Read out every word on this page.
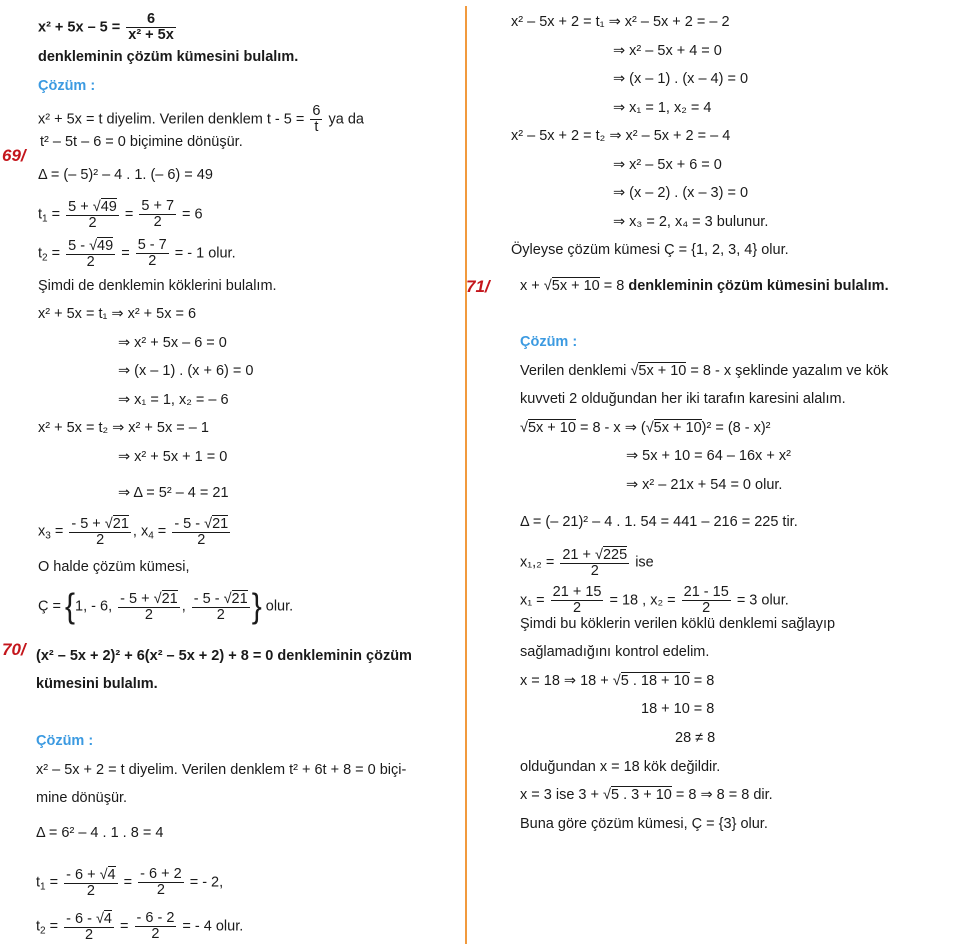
69/
$x^2 + 5x - 5 = \frac{6}{\text{x² + 5x}}$
denkleminin çözüm kümesini bulalım.
Çözüm :
x² + 5x = t diyelim. Verilen denklem $t - 5 = \frac{6}{t}$ ya da
t² – 5t – 6 = 0 biçimine dönüşür.
Δ = (– 5)² – 4 . 1. (– 6) = 49
$t_1 = \frac{5 + √49}{2} = \frac{5 + 7}{2} = 6$
$t_2 = \frac{5 - √49}{2} = \frac{5 - 7}{2}$ = - 1 olur.
Şimdi de denklemin köklerini bulalım.
x² + 5x = t₁ ⇒ x² + 5x = 6
⇒ x² + 5x – 6 = 0
⇒ (x – 1) . (x + 6) = 0
⇒ x₁ = 1, x₂ = – 6
x² + 5x = t₂ ⇒ x² + 5x = – 1
⇒ x² + 5x + 1 = 0
⇒ Δ = 5² – 4 = 21
$x_3 = \frac{- 5 + √21}{2}$ , $x_4 = \frac{- 5 - √21}{2}$
O halde çözüm kümesi,
Ç = {1, - 6, $\frac{- 5 + √21}{2}$ , $\frac{- 5 - √21}{2}$ } olur.
70/ (x² – 5x + 2)² + 6(x² – 5x + 2) + 8 = 0 denkleminin çözüm
kümesini bulalım.
Çözüm :
x² – 5x + 2 = t diyelim. Verilen denklem t² + 6t + 8 = 0 biçi-
mine dönüşür.
Δ = 6² – 4 . 1 . 8 = 4
$t_1 = \frac{- 6 + √4}{2} = \frac{- 6 + 2}{2}$ = - 2,
$t_2 = \frac{- 6 - √4}{2} = \frac{- 6 - 2}{2}$ = - 4 olur.
x² – 5x + 2 = t₁ ⇒ x² – 5x + 2 = – 2
⇒ x² – 5x + 4 = 0
⇒ (x – 1) . (x – 4) = 0
⇒ x₁ = 1, x₂ = 4
x² – 5x + 2 = t₂ ⇒ x² – 5x + 2 = – 4
⇒ x² – 5x + 6 = 0
⇒ (x – 2) . (x – 3) = 0
⇒ x₃ = 2, x₄ = 3 bulunur.
Öyleyse çözüm kümesi Ç = {1, 2, 3, 4} olur.
71/ x + √5x + 10 = 8 denkleminin çözüm kümesini bulalım.
Çözüm :
Verilen denklemi √5x + 10 = 8 - x şeklinde yazalım ve kök
kuvveti 2 olduğundan her iki tarafın karesini alalım.
√5x + 10 = 8 - x ⇒ (√5x + 10)² = (8 - x)²
⇒ 5x + 10 = 64 – 16x + x²
⇒ x² – 21x + 54 = 0 olur.
Δ = (– 21)² – 4 . 1. 54 = 441 – 216 = 225 tir.
$x_1,_2 = \frac{21 + √225}{2}$ ise
$x_1 = \frac{21 + 15}{2} = 18$ , $x_2 = \frac{21 - 15}{2} = 3$ olur.
Şimdi bu köklerin verilen köklü denklemi sağlayıp
sağlamadığını kontrol edelim.
x = 18 ⇒ 18 + √5 . 18 + 10 = 8
18 + 10 = 8
28 ≠ 8
olduğundan x = 18 kök değildir.
x = 3 ise 3 + √5 . 3 + 10 = 8 ⇒ 8 = 8 dir.
Buna göre çözüm kümesi, Ç = {3} olur.
